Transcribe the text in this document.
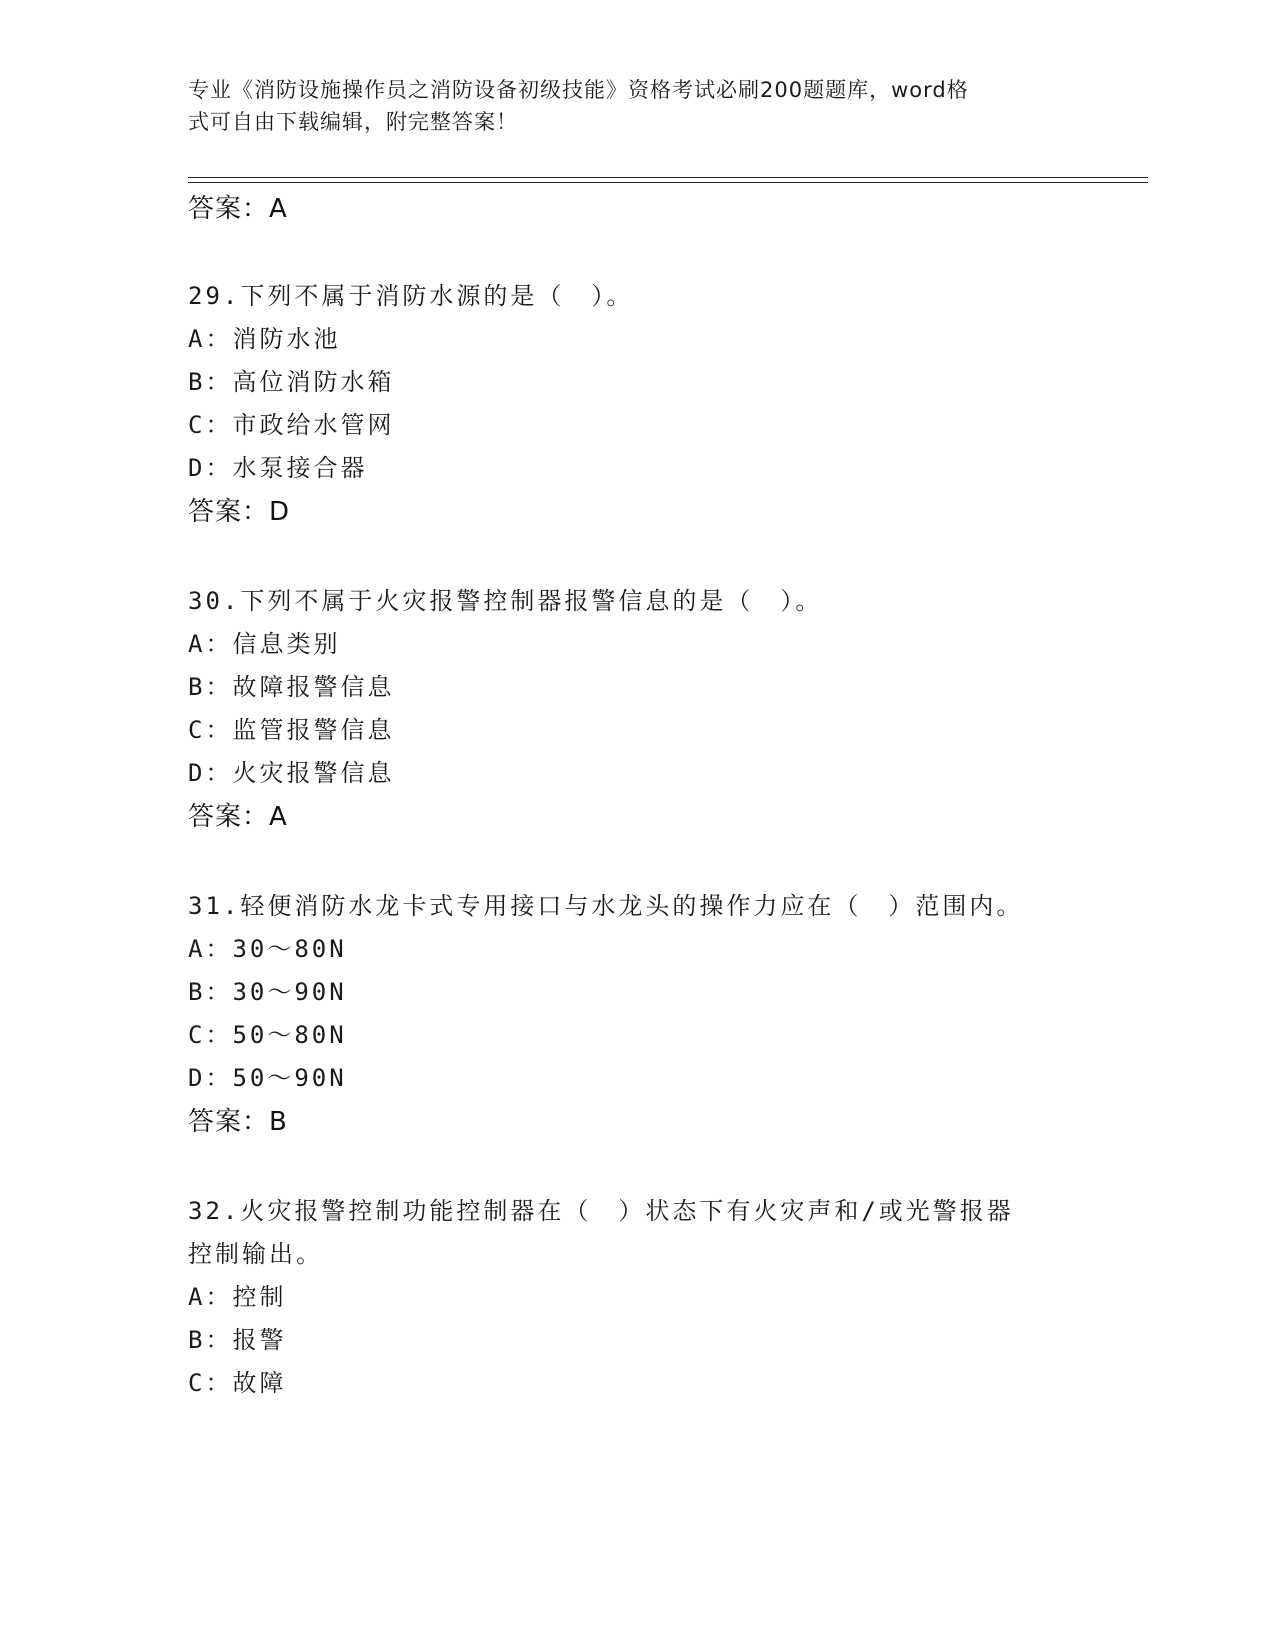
专业《消防设施操作员之消防设备初级技能》资格考试必刷200题题库，word格
式可自由下载编辑，附完整答案！
答案：A
29.下列不属于消防水源的是（　）。
A：消防水池
B：高位消防水箱
C：市政给水管网
D：水泵接合器
答案：D
30.下列不属于火灾报警控制器报警信息的是（　）。
A：信息类别
B：故障报警信息
C：监管报警信息
D：火灾报警信息
答案：A
31.轻便消防水龙卡式专用接口与水龙头的操作力应在（　）范围内。
A：30～80N
B：30～90N
C：50～80N
D：50～90N
答案：B
32.火灾报警控制功能控制器在（　）状态下有火灾声和/或光警报器
控制输出。
A：控制
B：报警
C：故障
